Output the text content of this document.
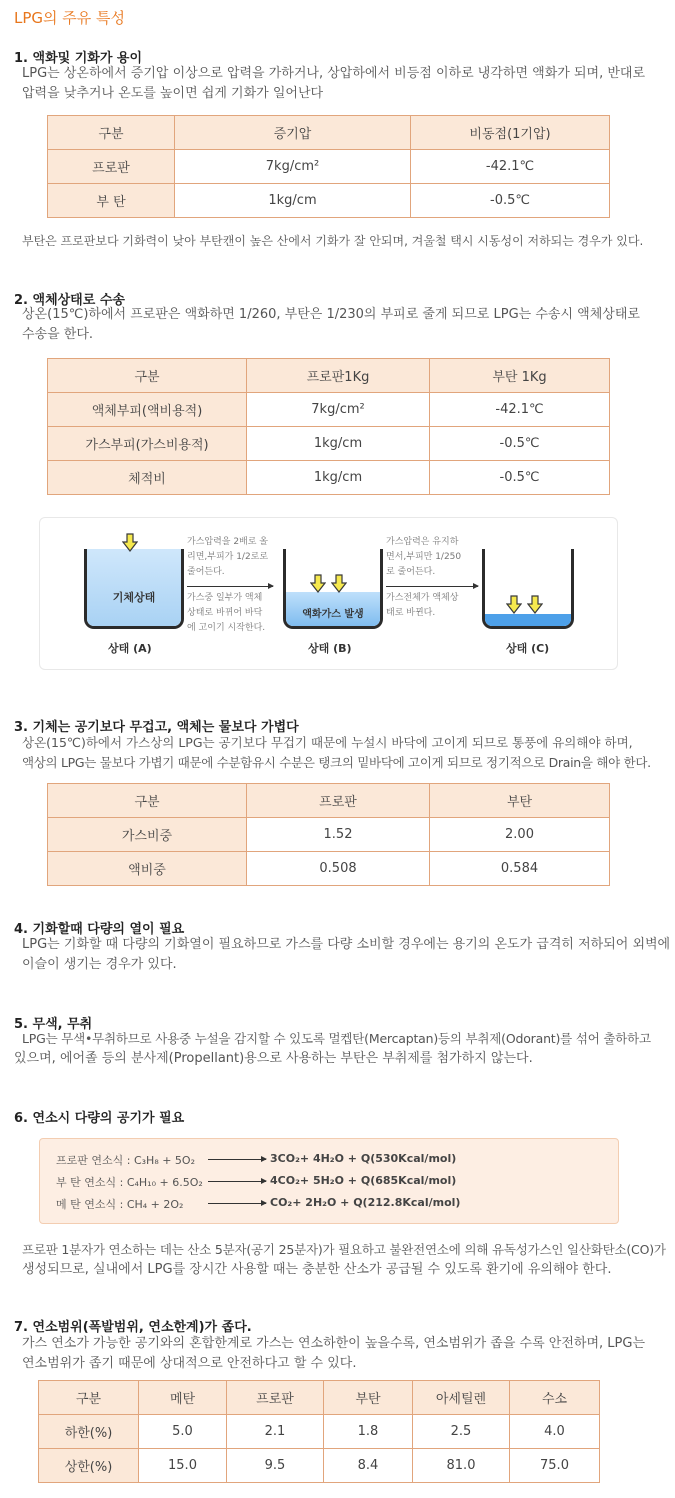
LPG의 주유 특성
1. 액화및 기화가 용이
LPG는 상온하에서 증기압 이상으로 압력을 가하거나, 상압하에서 비등점 이하로 냉각하면 액화가 되며, 반대로
압력을 낮추거나 온도를 높이면 쉽게 기화가 일어난다
구분	증기압	비동점(1기압)
프로판	7kg/cm²	-42.1℃
부 탄	1kg/cm	-0.5℃
부탄은 프로판보다 기화력이 낮아 부탄캔이 높은 산에서 기화가 잘 안되며, 겨울철 택시 시동성이 저하되는 경우가 있다.
2. 액체상태로 수송
상온(15℃)하에서 프로판은 액화하면 1/260, 부탄은 1/230의 부피로 줄게 되므로 LPG는 수송시 액체상태로
수송을 한다.
구분	프로판1Kg	부탄 1Kg
액체부피(액비용적)	7kg/cm²	-42.1℃
가스부피(가스비용적)	1kg/cm	-0.5℃
체적비	1kg/cm	-0.5℃
기체상태
상태 (A)
가스압력을 2배로 올
리면,부피가 1/2로로
줄어든다.
가스중 일부가 액체
상태로 바뀌어 바닥
에 고이기 시작한다.
액화가스 발생
상태 (B)
가스압력은 유지하
면서,부피만 1/250
로 줄어든다.
가스전체가 액체상
태로 바뀐다.
상태 (C)
3. 기체는 공기보다 무겁고, 액체는 물보다 가볍다
상온(15℃)하에서 가스상의 LPG는 공기보다 무겁기 때문에 누설시 바닥에 고이게 되므로 통풍에 유의해야 하며,
액상의 LPG는 물보다 가볍기 때문에 수분함유시 수분은 탱크의 밑바닥에 고이게 되므로 정기적으로 Drain을 해야 한다.
구분	프로판	부탄
가스비중	1.52	2.00
액비중	0.508	0.584
4. 기화할때 다량의 열이 필요
LPG는 기화할 때 다량의 기화열이 필요하므로 가스를 다량 소비할 경우에는 용기의 온도가 급격히 저하되어 외벽에
이슬이 생기는 경우가 있다.
5. 무색, 무취
LPG는 무색•무취하므로 사용중 누설을 감지할 수 있도록 멀켑탄(Mercaptan)등의 부취제(Odorant)를 섞어 출하하고
있으며, 에어졸 등의 분사제(Propellant)용으로 사용하는 부탄은 부취제를 첨가하지 않는다.
6. 연소시 다량의 공기가 필요
프로판 연소식 : C₃H₈ + 5O₂	3CO₂+ 4H₂O + Q(530Kcal/mol)
부 탄 연소식 : C₄H₁₀ + 6.5O₂	4CO₂+ 5H₂O + Q(685Kcal/mol)
메 탄 연소식 : CH₄ + 2O₂	CO₂+ 2H₂O + Q(212.8Kcal/mol)
프로판 1분자가 연소하는 데는 산소 5분자(공기 25분자)가 필요하고 불완전연소에 의해 유독성가스인 일산화탄소(CO)가
생성되므로, 실내에서 LPG를 장시간 사용할 때는 충분한 산소가 공급될 수 있도록 환기에 유의해야 한다.
7. 연소범위(폭발범위, 연소한계)가 좁다.
가스 연소가 가능한 공기와의 혼합한계로 가스는 연소하한이 높을수록, 연소범위가 좁을 수록 안전하며, LPG는
연소범위가 좁기 때문에 상대적으로 안전하다고 할 수 있다.
구분	메탄	프로판	부탄	아세틸렌	수소
하한(%)	5.0	2.1	1.8	2.5	4.0
상한(%)	15.0	9.5	8.4	81.0	75.0
